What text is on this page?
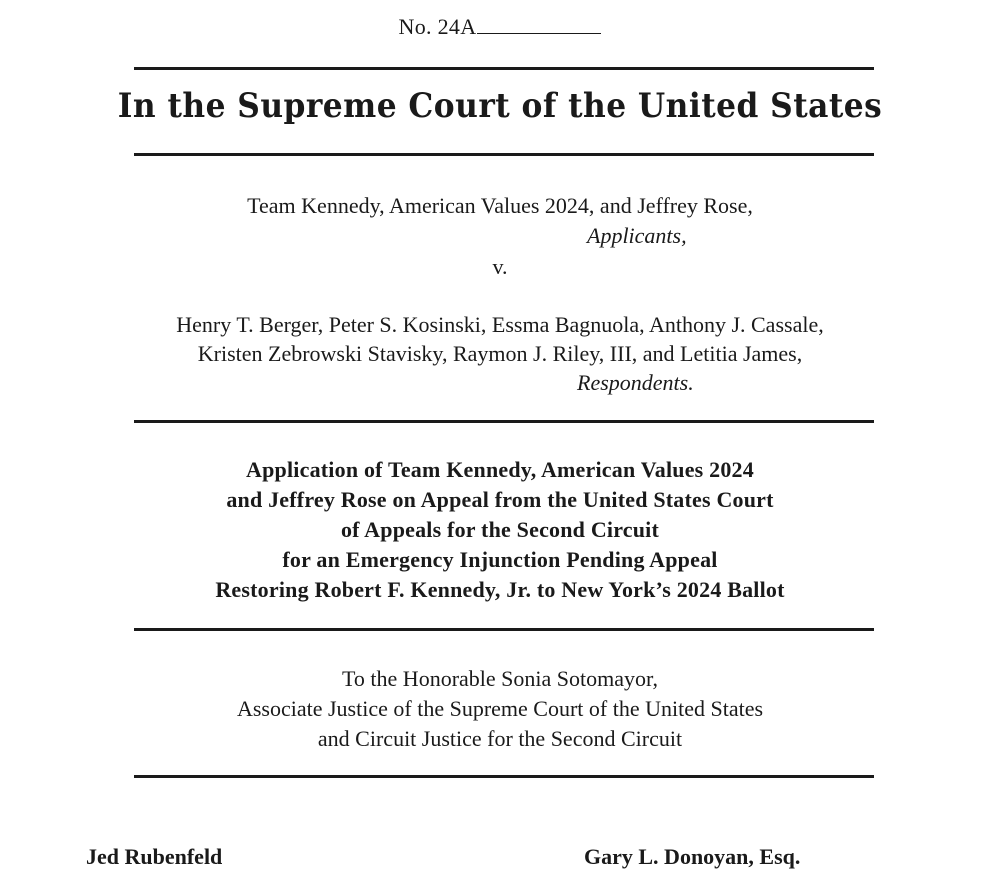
No. 24A
In the Supreme Court of the United States
Team Kennedy, American Values 2024, and Jeffrey Rose,
Applicants,
v.
Henry T. Berger, Peter S. Kosinski, Essma Bagnuola, Anthony J. Cassale,
Kristen Zebrowski Stavisky, Raymon J. Riley, III, and Letitia James,
Respondents.
Application of Team Kennedy, American Values 2024
and Jeffrey Rose on Appeal from the United States Court
of Appeals for the Second Circuit
for an Emergency Injunction Pending Appeal
Restoring Robert F. Kennedy, Jr. to New York’s 2024 Ballot
To the Honorable Sonia Sotomayor,
Associate Justice of the Supreme Court of the United States
and Circuit Justice for the Second Circuit
Jed Rubenfeld	Gary L. Donoyan, Esq.
